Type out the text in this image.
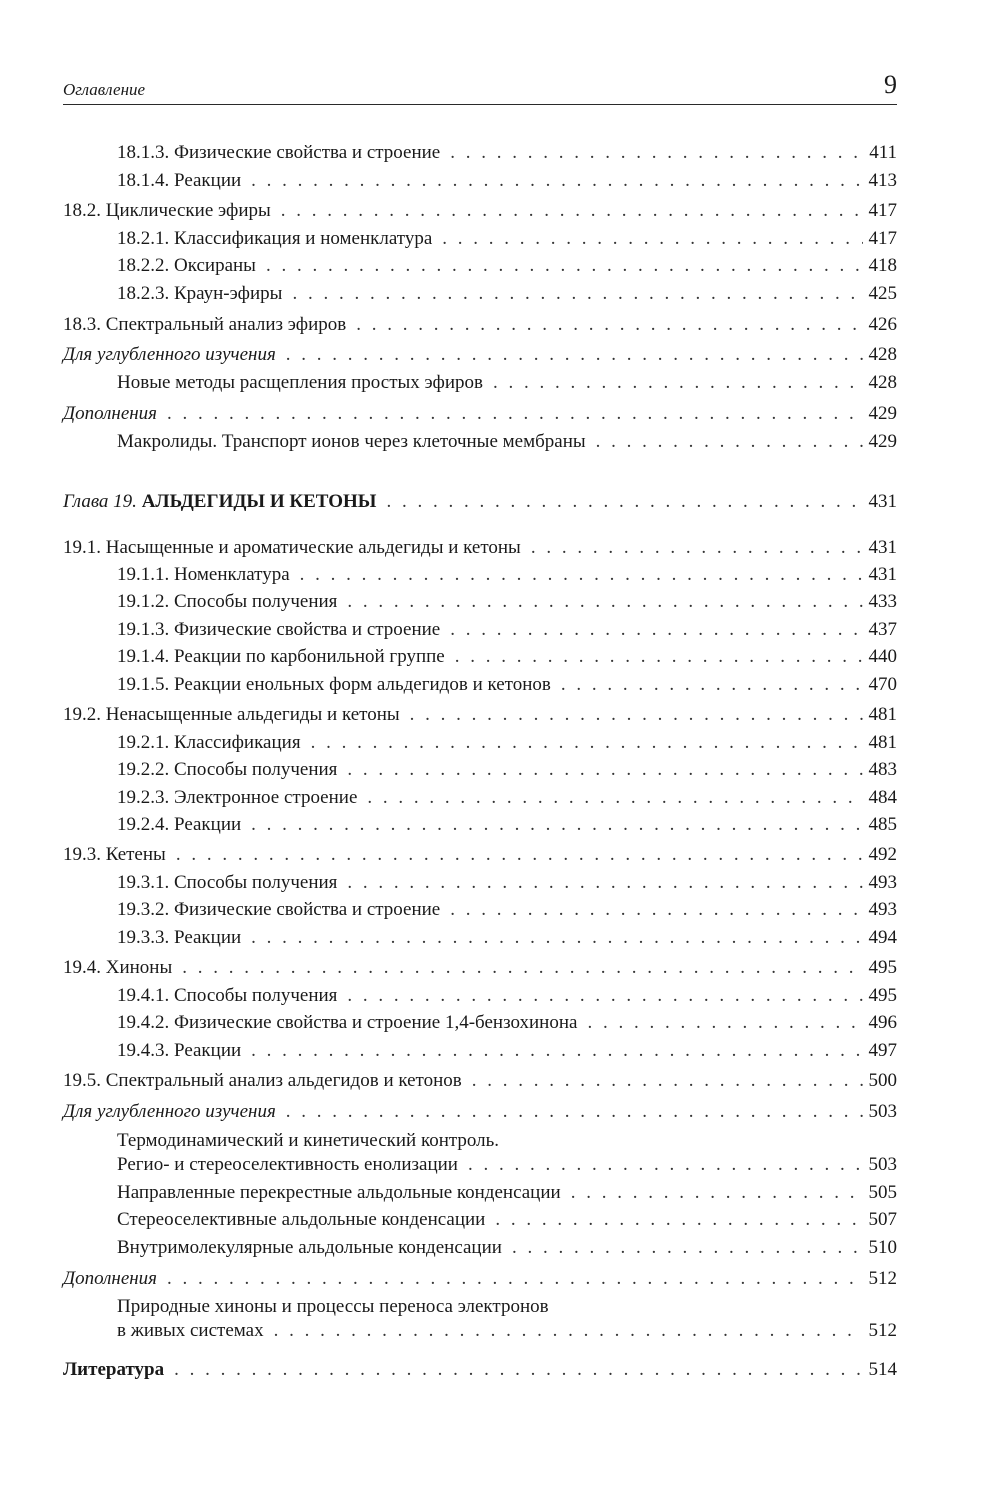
Оглавление	9
18.1.3. Физические свойства и строение . . .	411
18.1.4. Реакции . . .	413
18.2. Циклические эфиры . . .	417
18.2.1. Классификация и номенклатура . . .	417
18.2.2. Оксираны . . .	418
18.2.3. Краун-эфиры . . .	425
18.3. Спектральный анализ эфиров . . .	426
Для углубленного изучения . . .	428
Новые методы расщепления простых эфиров . . .	428
Дополнения . . .	429
Макролиды. Транспорт ионов через клеточные мембраны . . .	429
Глава 19. АЛЬДЕГИДЫ И КЕТОНЫ . . .	431
19.1. Насыщенные и ароматические альдегиды и кетоны . . .	431
19.1.1. Номенклатура . . .	431
19.1.2. Способы получения . . .	433
19.1.3. Физические свойства и строение . . .	437
19.1.4. Реакции по карбонильной группе . . .	440
19.1.5. Реакции енольных форм альдегидов и кетонов . . .	470
19.2. Ненасыщенные альдегиды и кетоны . . .	481
19.2.1. Классификация . . .	481
19.2.2. Способы получения . . .	483
19.2.3. Электронное строение . . .	484
19.2.4. Реакции . . .	485
19.3. Кетены . . .	492
19.3.1. Способы получения . . .	493
19.3.2. Физические свойства и строение . . .	493
19.3.3. Реакции . . .	494
19.4. Хиноны . . .	495
19.4.1. Способы получения . . .	495
19.4.2. Физические свойства и строение 1,4-бензохинона . . .	496
19.4.3. Реакции . . .	497
19.5. Спектральный анализ альдегидов и кетонов . . .	500
Для углубленного изучения . . .	503
Термодинамический и кинетический контроль.
Регио- и стереоселективность енолизации . . .	503
Направленные перекрестные альдольные конденсации . . .	505
Стереоселективные альдольные конденсации . . .	507
Внутримолекулярные альдольные конденсации . . .	510
Дополнения . . .	512
Природные хиноны и процессы переноса электронов
в живых системах . . .	512
Литература . . .	514
